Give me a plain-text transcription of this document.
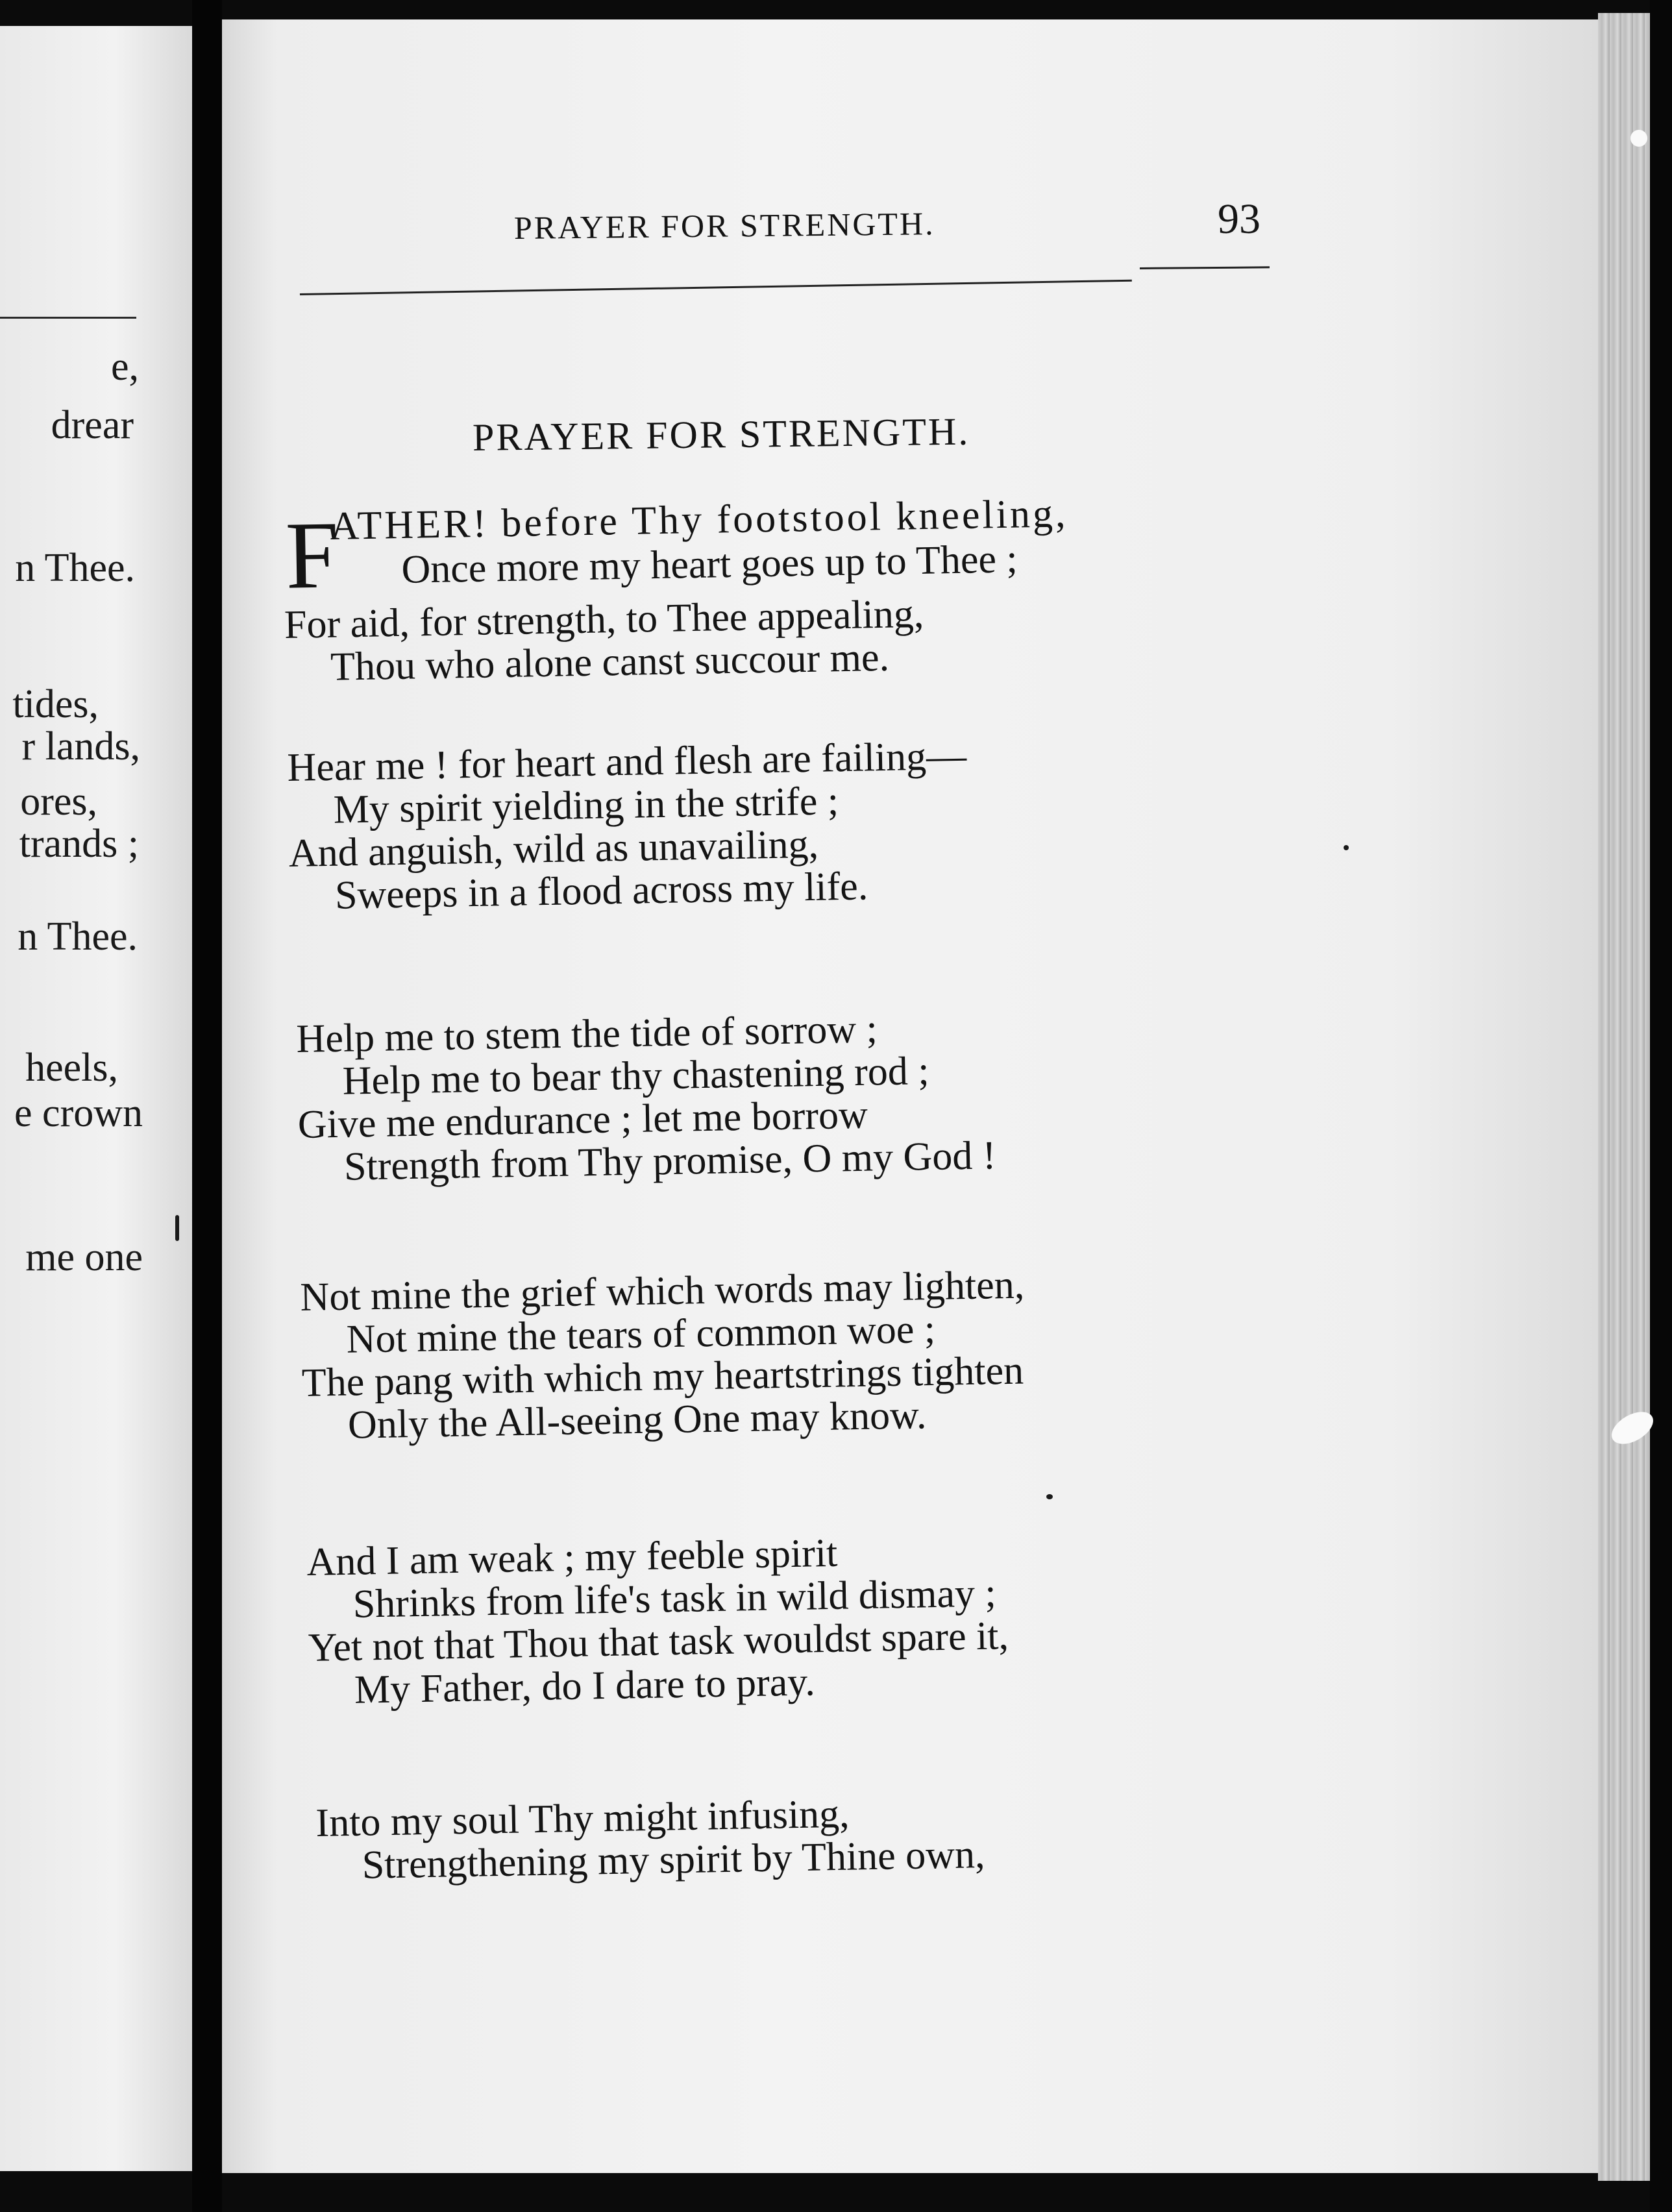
e,
drear
n Thee.
tides,
r lands,
ores,
trands ;
n Thee.
heels,
e crown
me one
PRAYER FOR STRENGTH.	93
PRAYER FOR STRENGTH.
F
ATHER! before Thy footstool kneeling,
Once more my heart goes up to Thee ;
For aid, for strength, to Thee appealing,
Thou who alone canst succour me.
Hear me ! for heart and flesh are failing—
My spirit yielding in the strife ;
And anguish, wild as unavailing,
Sweeps in a flood across my life.
Help me to stem the tide of sorrow ;
Help me to bear thy chastening rod ;
Give me endurance ; let me borrow
Strength from Thy promise, O my God !
Not mine the grief which words may lighten,
Not mine the tears of common woe ;
The pang with which my heartstrings tighten
Only the All-seeing One may know.
And I am weak ; my feeble spirit
Shrinks from life's task in wild dismay ;
Yet not that Thou that task wouldst spare it,
My Father, do I dare to pray.
Into my soul Thy might infusing,
Strengthening my spirit by Thine own,
